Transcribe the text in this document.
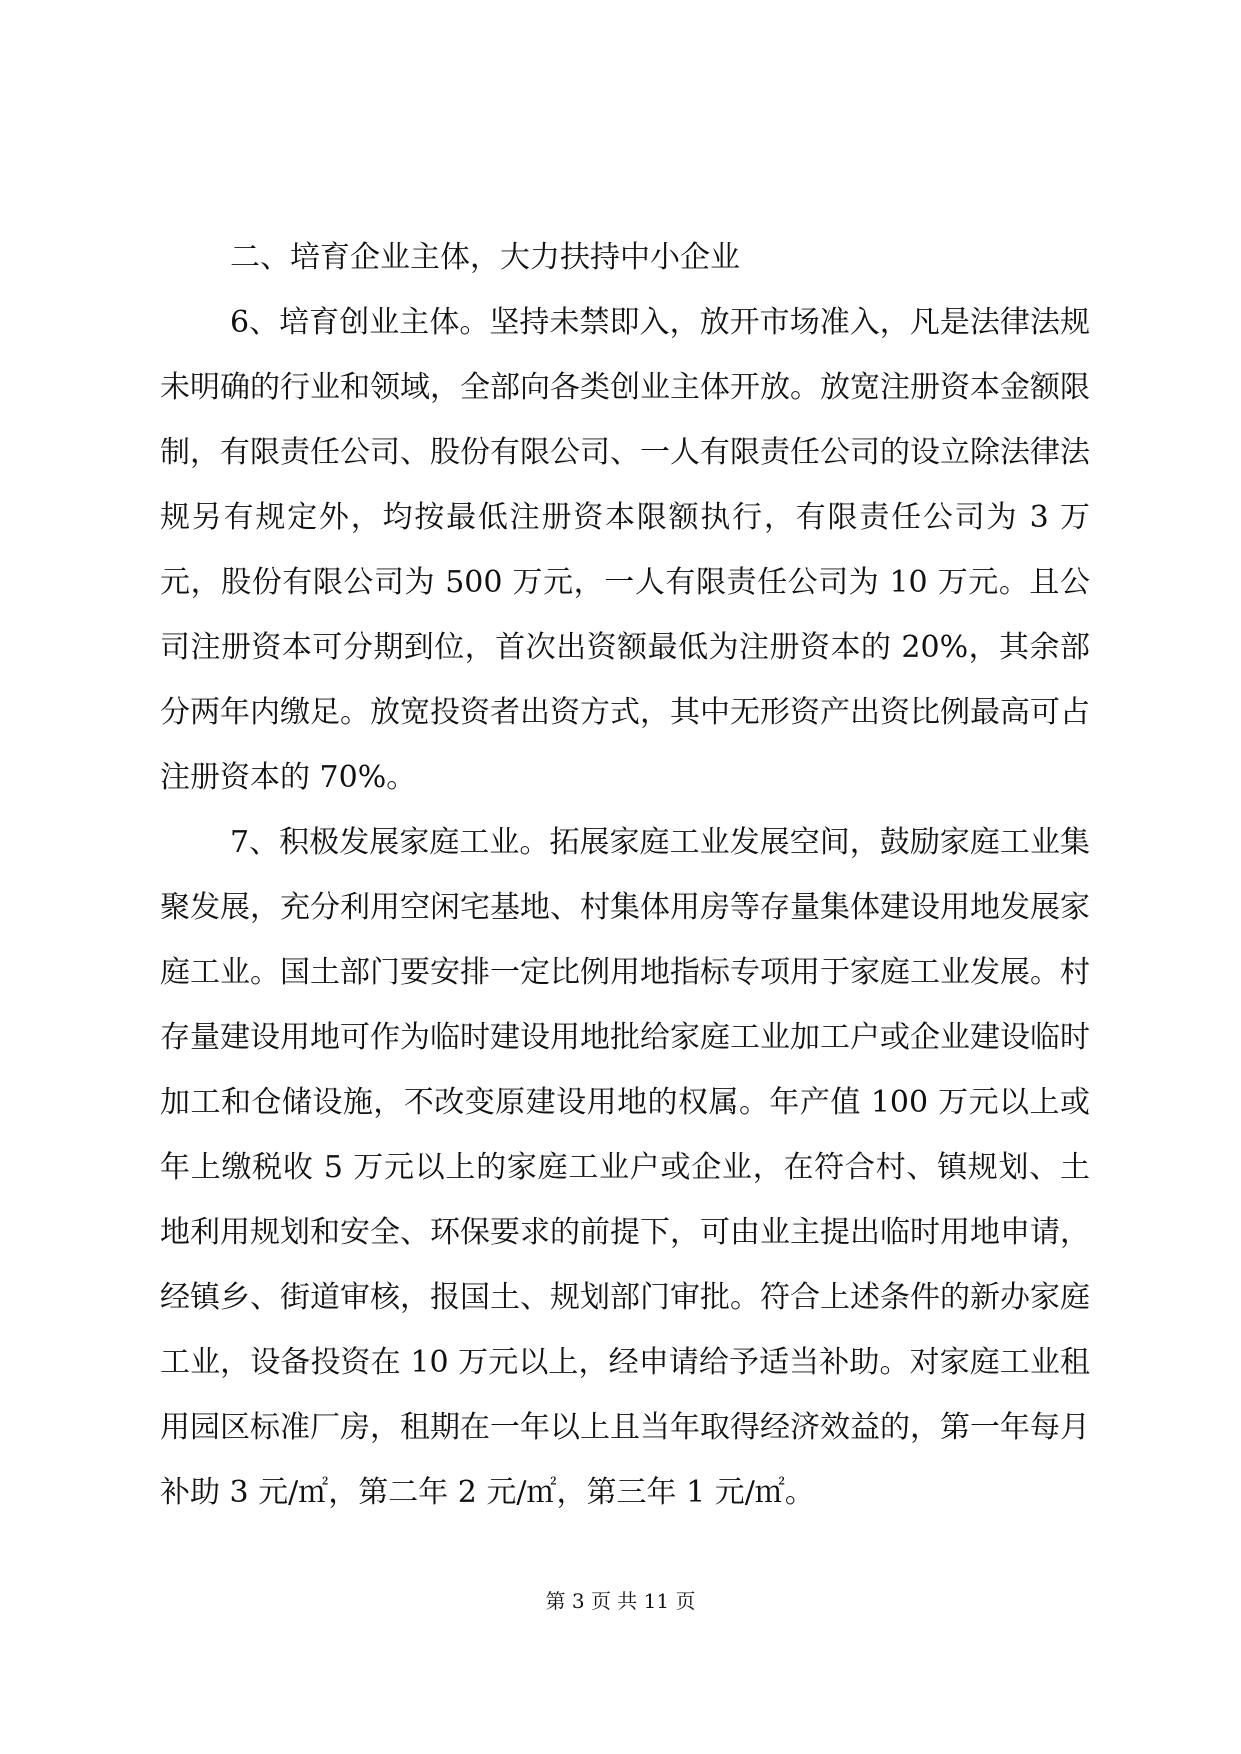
二、培育企业主体，大力扶持中小企业

6、培育创业主体。坚持未禁即入，放开市场准入，凡是法律法规未明确的行业和领域，全部向各类创业主体开放。放宽注册资本金额限制，有限责任公司、股份有限公司、一人有限责任公司的设立除法律法规另有规定外，均按最低注册资本限额执行，有限责任公司为 3 万元，股份有限公司为 500 万元，一人有限责任公司为 10 万元。且公司注册资本可分期到位，首次出资额最低为注册资本的 20%，其余部分两年内缴足。放宽投资者出资方式，其中无形资产出资比例最高可占注册资本的 70%。

7、积极发展家庭工业。拓展家庭工业发展空间，鼓励家庭工业集聚发展，充分利用空闲宅基地、村集体用房等存量集体建设用地发展家庭工业。国土部门要安排一定比例用地指标专项用于家庭工业发展。村存量建设用地可作为临时建设用地批给家庭工业加工户或企业建设临时加工和仓储设施，不改变原建设用地的权属。年产值 100 万元以上或年上缴税收 5 万元以上的家庭工业户或企业，在符合村、镇规划、土地利用规划和安全、环保要求的前提下，可由业主提出临时用地申请，经镇乡、街道审核，报国土、规划部门审批。符合上述条件的新办家庭工业，设备投资在 10 万元以上，经申请给予适当补助。对家庭工业租用园区标准厂房，租期在一年以上且当年取得经济效益的，第一年每月补助 3 元/㎡，第二年 2 元/㎡，第三年 1 元/㎡。

第 3 页 共 11 页
